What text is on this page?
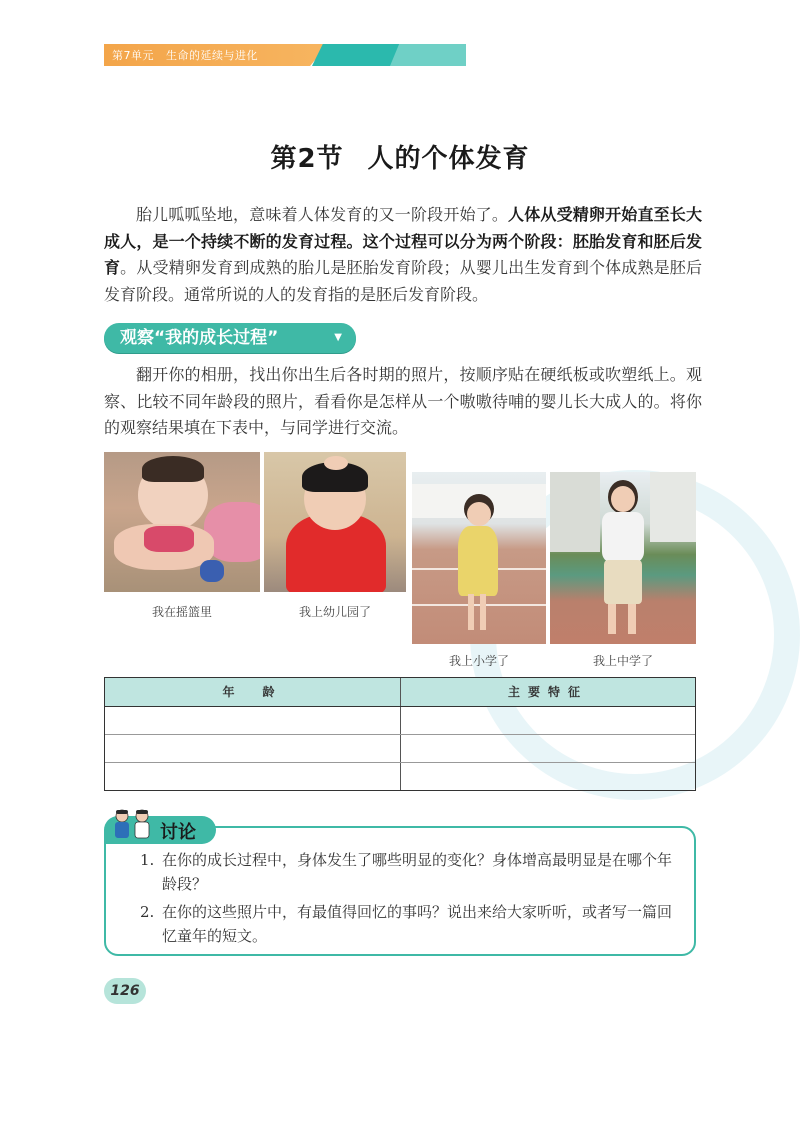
第7单元 生命的延续与进化
第2节 人的个体发育
胎儿呱呱坠地，意味着人体发育的又一阶段开始了。人体从受精卵开始直至长大成人，是一个持续不断的发育过程。这个过程可以分为两个阶段：胚胎发育和胚后发育。从受精卵发育到成熟的胎儿是胚胎发育阶段；从婴儿出生发育到个体成熟是胚后发育阶段。通常所说的人的发育指的是胚后发育阶段。
观察“我的成长过程”	▼
翻开你的相册，找出你出生后各时期的照片，按顺序贴在硬纸板或吹塑纸上。观察、比较不同年龄段的照片，看看你是怎样从一个嗷嗷待哺的婴儿长大成人的。将你的观察结果填在下表中，与同学进行交流。
我在摇篮里	我上幼儿园了
我上小学了	我上中学了
年　龄	主要特征
讨论
1. 在你的成长过程中，身体发生了哪些明显的变化？身体增高最明显是在哪个年龄段？
2. 在你的这些照片中，有最值得回忆的事吗？说出来给大家听听，或者写一篇回忆童年的短文。
126
